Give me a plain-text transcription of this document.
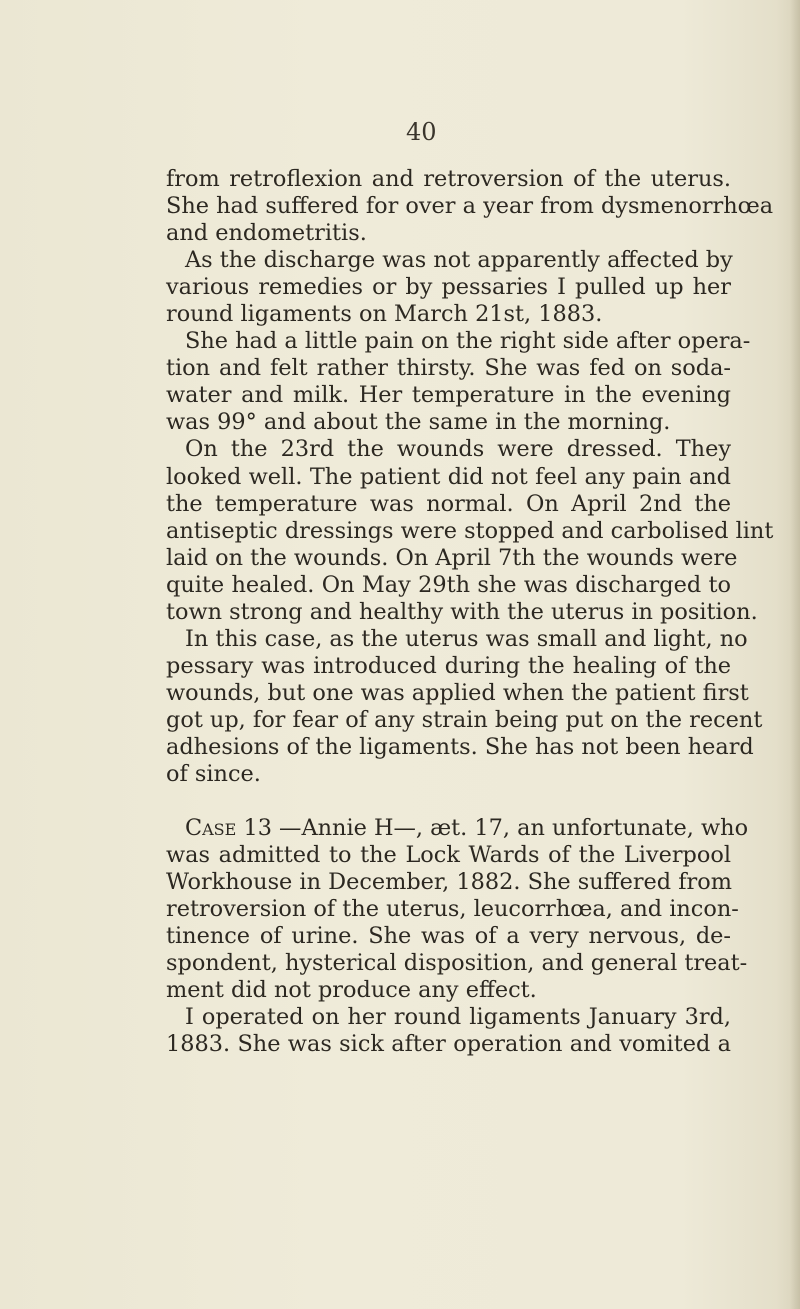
40
from retroflexion and retroversion of the uterus.
She had suffered for over a year from dysmenorrhœa
and endometritis.
As the discharge was not apparently affected by
various remedies or by pessaries I pulled up her
round ligaments on March 21st, 1883.
She had a little pain on the right side after opera-
tion and felt rather thirsty. She was fed on soda-
water and milk. Her temperature in the evening
was 99° and about the same in the morning.
On the 23rd the wounds were dressed. They
looked well. The patient did not feel any pain and
the temperature was normal. On April 2nd the
antiseptic dressings were stopped and carbolised lint
laid on the wounds. On April 7th the wounds were
quite healed. On May 29th she was discharged to
town strong and healthy with the uterus in position.
In this case, as the uterus was small and light, no
pessary was introduced during the healing of the
wounds, but one was applied when the patient first
got up, for fear of any strain being put on the recent
adhesions of the ligaments. She has not been heard
of since.
Case 13 —Annie H—, æt. 17, an unfortunate, who
was admitted to the Lock Wards of the Liverpool
Workhouse in December, 1882. She suffered from
retroversion of the uterus, leucorrhœa, and incon-
tinence of urine. She was of a very nervous, de-
spondent, hysterical disposition, and general treat-
ment did not produce any effect.
I operated on her round ligaments January 3rd,
1883. She was sick after operation and vomited a
